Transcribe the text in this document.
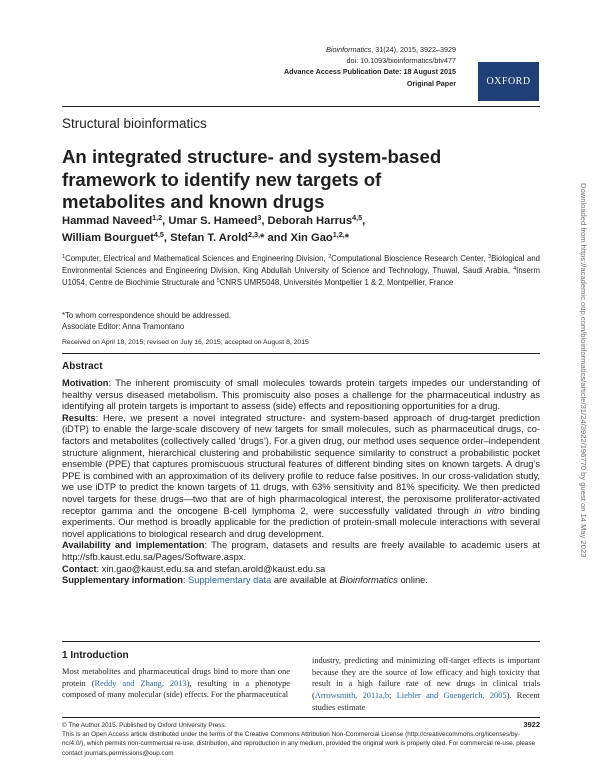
Bioinformatics, 31(24), 2015, 3922–3929
doi: 10.1093/bioinformatics/btv477
Advance Access Publication Date: 18 August 2015
Original Paper	OXFORD
Structural bioinformatics
An integrated structure- and system-based framework to identify new targets of metabolites and known drugs
Hammad Naveed$^{1,2}$, Umar S. Hameed$^3$, Deborah Harrus$^{4,5}$,
William Bourguet$^{4,5}$, Stefan T. Arold$^{2,3,}$* and Xin Gao$^{1,2,}$*
$^1$Computer, Electrical and Mathematical Sciences and Engineering Division, $^2$Computational Bioscience Research Center, $^3$Biological and Environmental Sciences and Engineering Division, King Abdullah University of Science and Technology, Thuwal, Saudi Arabia, $^4$Inserm U1054, Centre de Biochimie Structurale and $^5$CNRS UMR5048, Universités Montpellier 1 & 2, Montpellier, France
*To whom correspondence should be addressed.
Associate Editor: Anna Tramontano
Received on April 18, 2015; revised on July 16, 2015; accepted on August 8, 2015
Abstract

Motivation: The inherent promiscuity of small molecules towards protein targets impedes our understanding of healthy versus diseased metabolism. This promiscuity also poses a challenge for the pharmaceutical industry as identifying all protein targets is important to assess (side) effects and repositioning opportunities for a drug.

Results: Here, we present a novel integrated structure- and system-based approach of drug-target prediction (iDTP) to enable the large-scale discovery of new targets for small molecules, such as pharmaceutical drugs, co-factors and metabolites (collectively called ‘drugs’). For a given drug, our method uses sequence order–independent structure alignment, hierarchical clustering and probabilistic sequence similarity to construct a probabilistic pocket ensemble (PPE) that captures promiscuous structural features of different binding sites on known targets. A drug’s PPE is combined with an approximation of its delivery profile to reduce false positives. In our cross-validation study, we use iDTP to predict the known targets of 11 drugs, with 63% sensitivity and 81% specificity. We then predicted novel targets for these drugs—two that are of high pharmacological interest, the peroxisome proliferator-activated receptor gamma and the oncogene B-cell lymphoma 2, were successfully validated through in vitro binding experiments. Our method is broadly applicable for the prediction of protein-small molecule interactions with several novel applications to biological research and drug development.

Availability and implementation: The program, datasets and results are freely available to academic users at http://sfb.kaust.edu.sa/Pages/Software.aspx.

Contact: xin.gao@kaust.edu.sa and stefan.arold@kaust.edu.sa

Supplementary information: Supplementary data are available at Bioinformatics online.

1 Introduction
Most metabolites and pharmaceutical drugs bind to more than one protein (Reddy and Zhang, 2013), resulting in a phenotype composed of many molecular (side) effects. For the pharmaceutical
industry, predicting and minimizing off-target effects is important because they are the source of low efficacy and high toxicity that result in a high failure rate of new drugs in clinical trials (Arrowsmith, 2011a,b; Liebler and Guengerich, 2005). Recent studies estimate
© The Author 2015. Published by Oxford University Press.
This is an Open Access article distributed under the terms of the Creative Commons Attribution Non-Commercial License (http://creativecommons.org/licenses/by-nc/4.0/), which permits non-commercial re-use, distribution, and reproduction in any medium, provided the original work is properly cited. For commercial re-use, please contact journals.permissions@oup.com
3922
Downloaded from https://academic.oup.com/bioinformatics/article/31/24/3922/196770 by guest on 14 May 2023
